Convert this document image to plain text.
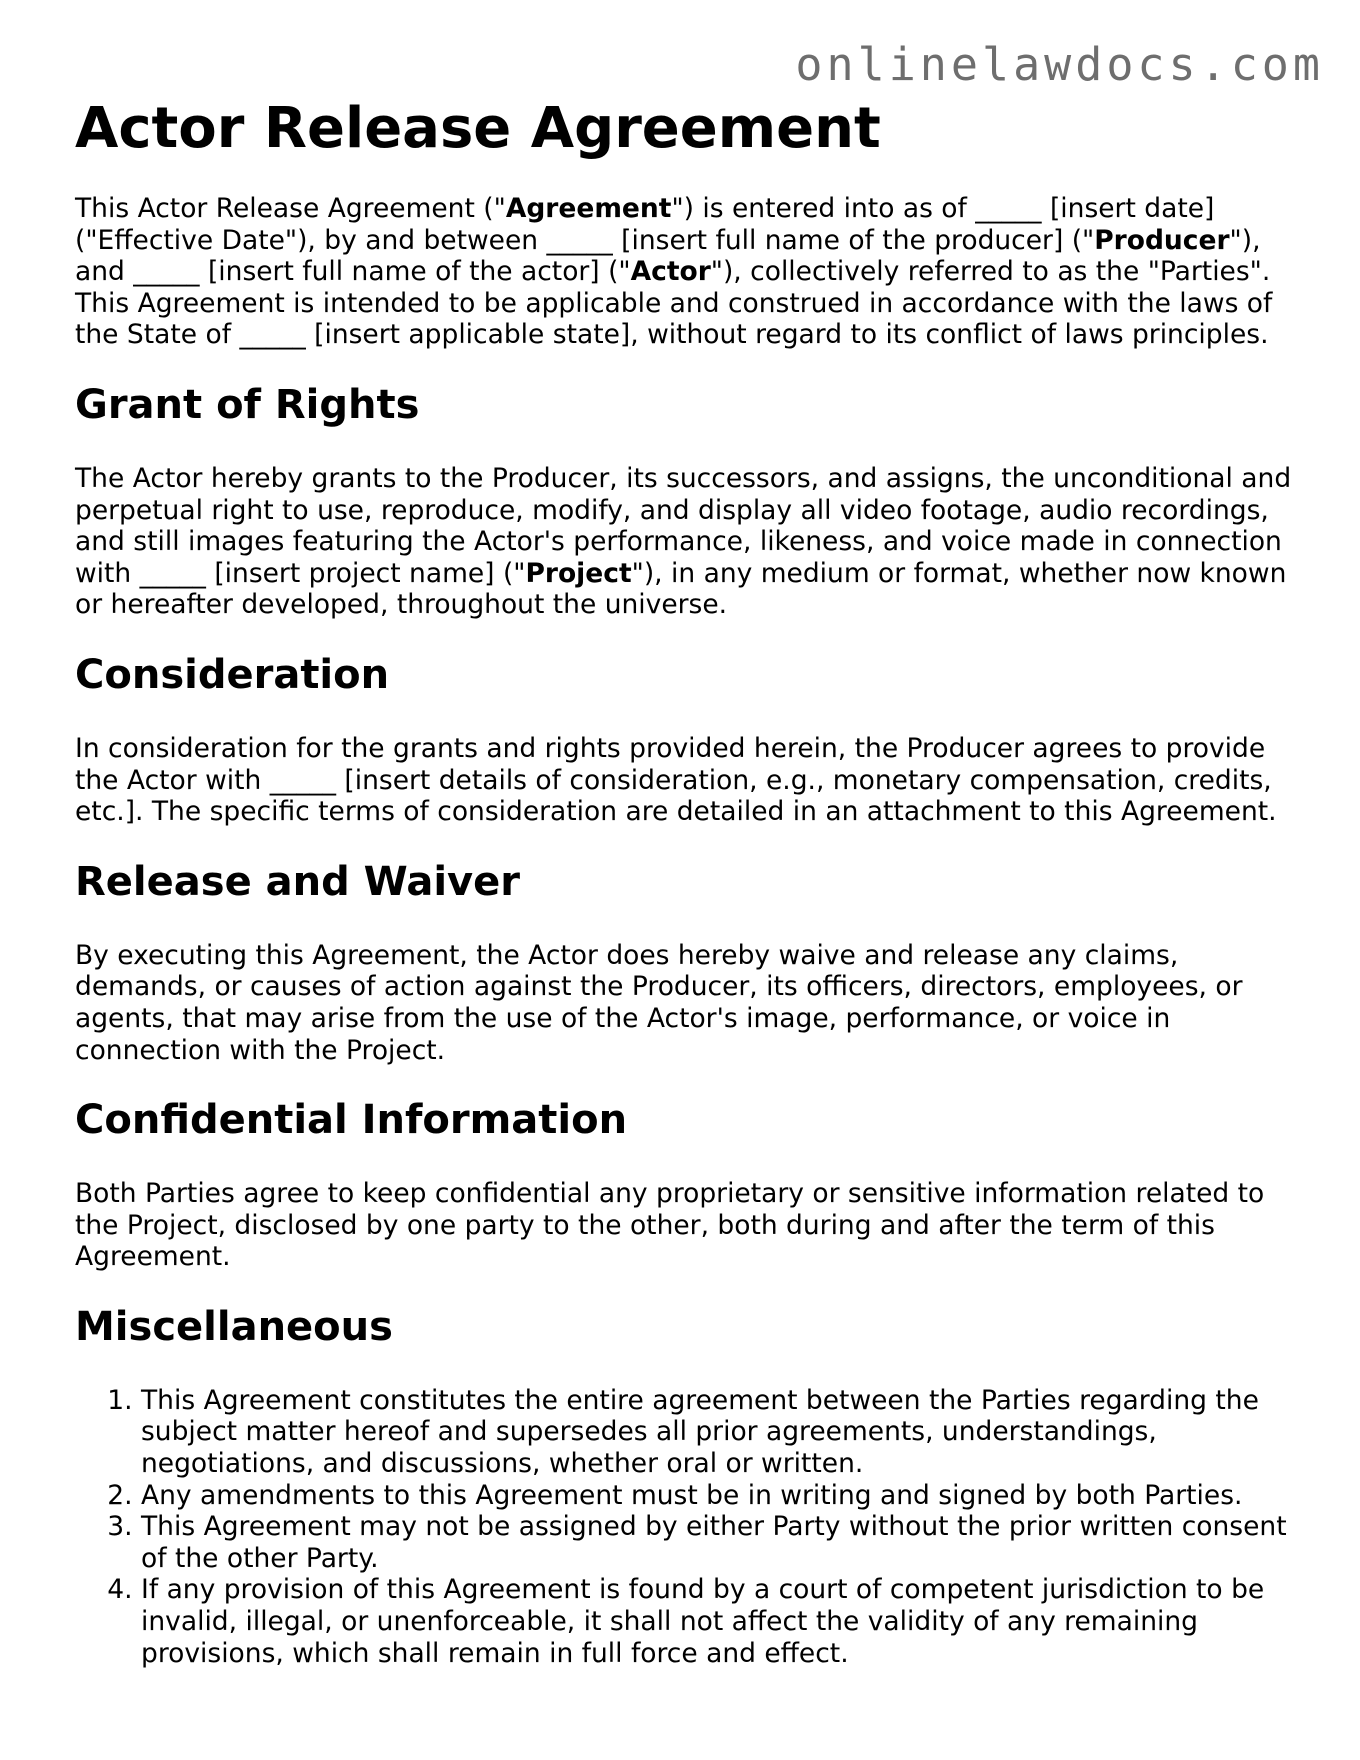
onlinelawdocs.com
Actor Release Agreement

This Actor Release Agreement ("Agreement") is entered into as of _____ [insert date] ("Effective Date"), by and between _____ [insert full name of the producer] ("Producer"), and _____ [insert full name of the actor] ("Actor"), collectively referred to as the "Parties". This Agreement is intended to be applicable and construed in accordance with the laws of the State of _____ [insert applicable state], without regard to its conflict of laws principles.

Grant of Rights

The Actor hereby grants to the Producer, its successors, and assigns, the unconditional and perpetual right to use, reproduce, modify, and display all video footage, audio recordings, and still images featuring the Actor's performance, likeness, and voice made in connection with _____ [insert project name] ("Project"), in any medium or format, whether now known or hereafter developed, throughout the universe.

Consideration

In consideration for the grants and rights provided herein, the Producer agrees to provide the Actor with _____ [insert details of consideration, e.g., monetary compensation, credits, etc.]. The specific terms of consideration are detailed in an attachment to this Agreement.

Release and Waiver

By executing this Agreement, the Actor does hereby waive and release any claims, demands, or causes of action against the Producer, its officers, directors, employees, or agents, that may arise from the use of the Actor's image, performance, or voice in connection with the Project.

Confidential Information

Both Parties agree to keep confidential any proprietary or sensitive information related to the Project, disclosed by one party to the other, both during and after the term of this Agreement.

Miscellaneous
1. This Agreement constitutes the entire agreement between the Parties regarding the subject matter hereof and supersedes all prior agreements, understandings, negotiations, and discussions, whether oral or written.
2. Any amendments to this Agreement must be in writing and signed by both Parties.
3. This Agreement may not be assigned by either Party without the prior written consent of the other Party.
4. If any provision of this Agreement is found by a court of competent jurisdiction to be invalid, illegal, or unenforceable, it shall not affect the validity of any remaining provisions, which shall remain in full force and effect.
